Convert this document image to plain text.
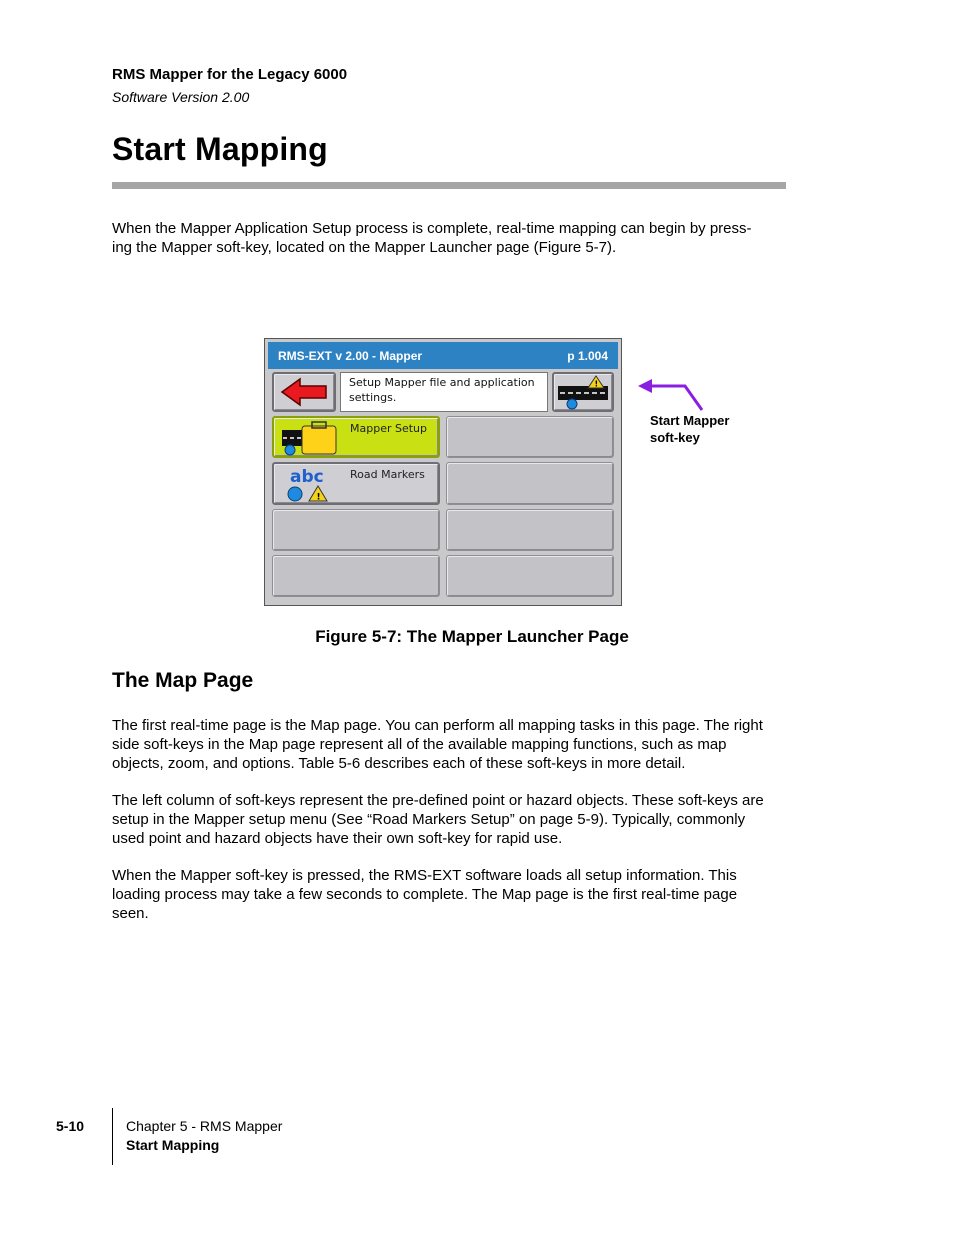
RMS Mapper for the Legacy 6000
Software Version 2.00
Start Mapping
When the Mapper Application Setup process is complete, real-time mapping can begin by press-
ing the Mapper soft-key, located on the Mapper Launcher page (Figure 5-7).
RMS-EXT v 2.00 - Mapper	p 1.004
Setup Mapper file and application
settings.
!
Mapper Setup
abc
!
Road Markers
Start Mapper
soft-key
Figure 5-7: The Mapper Launcher Page
The Map Page
The first real-time page is the Map page. You can perform all mapping tasks in this page. The right
side soft-keys in the Map page represent all of the available mapping functions, such as map
objects, zoom, and options. Table 5-6 describes each of these soft-keys in more detail.
The left column of soft-keys represent the pre-defined point or hazard objects. These soft-keys are
setup in the Mapper setup menu (See “Road Markers Setup” on page 5-9). Typically, commonly
used point and hazard objects have their own soft-key for rapid use.
When the Mapper soft-key is pressed, the RMS-EXT software loads all setup information. This
loading process may take a few seconds to complete. The Map page is the first real-time page
seen.
5-10	Chapter 5 - RMS Mapper
Start Mapping
